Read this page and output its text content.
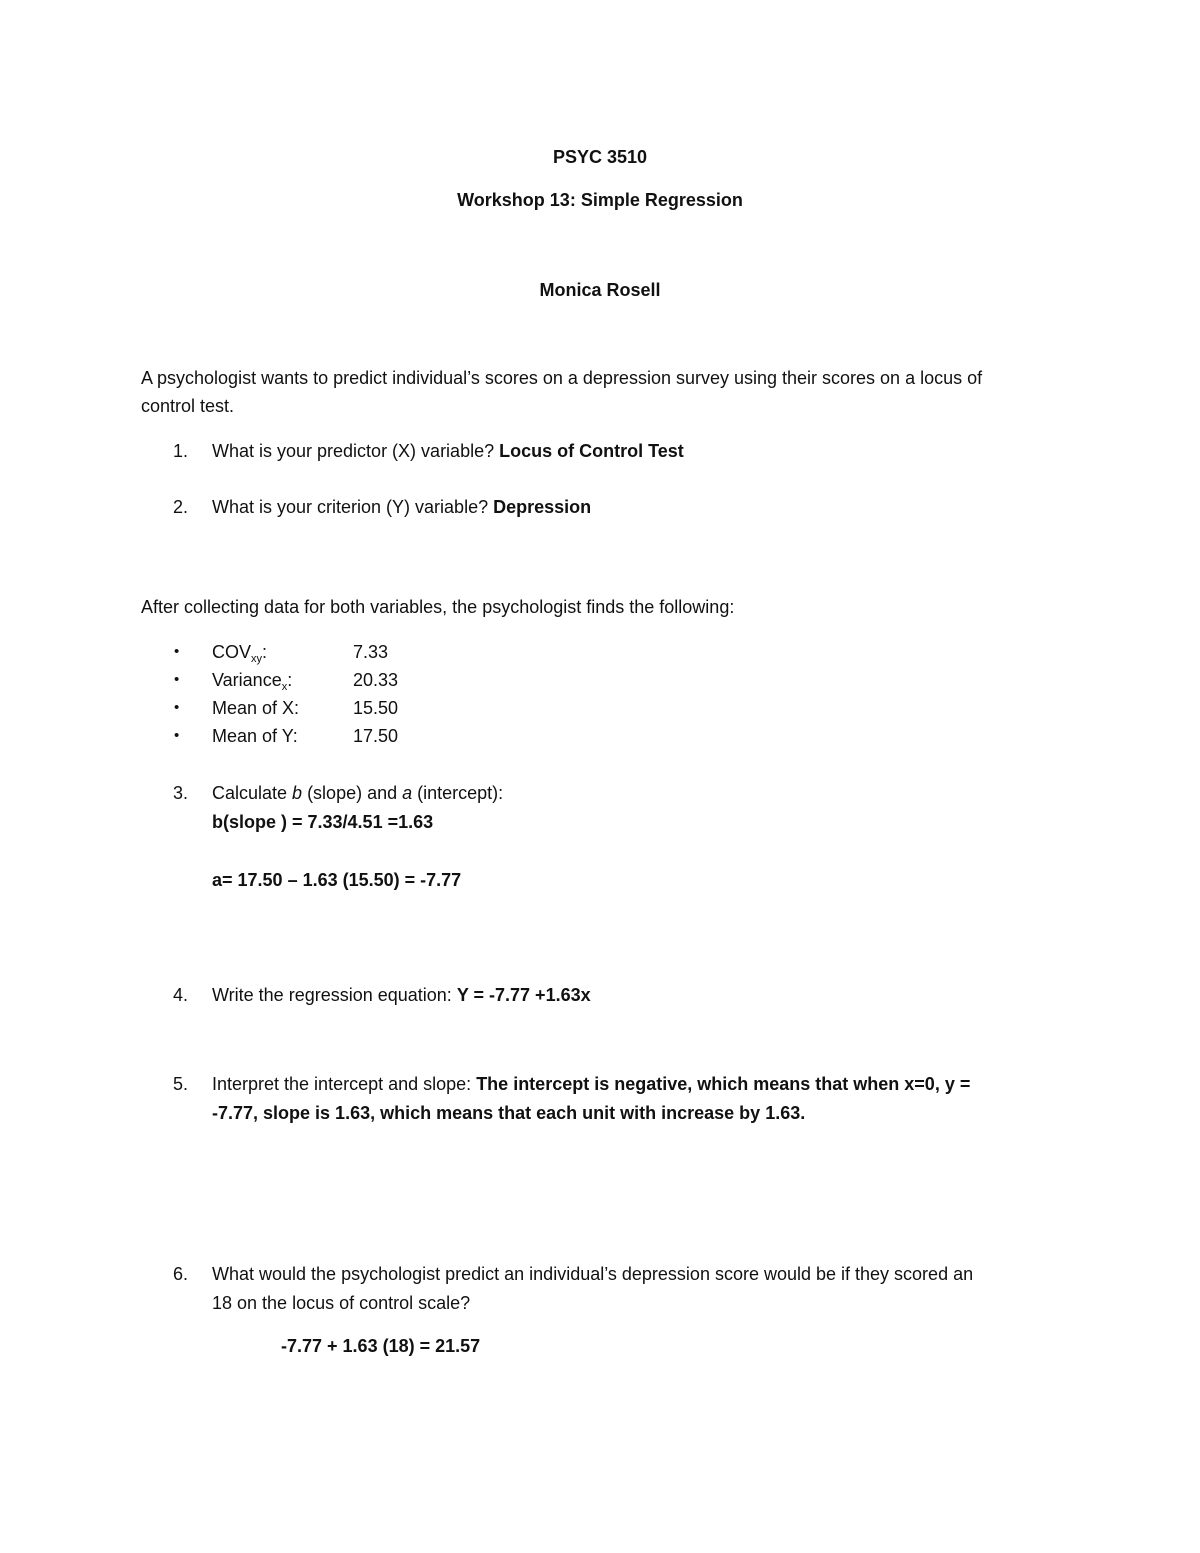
PSYC 3510
Workshop 13: Simple Regression
Monica Rosell
A psychologist wants to predict individual’s scores on a depression survey using their scores on a locus of
control test.
1.	What is your predictor (X) variable? Locus of Control Test
2.	What is your criterion (Y) variable? Depression
After collecting data for both variables, the psychologist finds the following:
• $COV_{xy}$:	7.33
• Variance$_x$:	20.33
• Mean of X:	15.50
• Mean of Y:	17.50
3.	Calculate b (slope) and a (intercept):
b(slope ) = 7.33/4.51 =1.63
a= 17.50 – 1.63 (15.50) = -7.77
4.	Write the regression equation: Y = -7.77 +1.63x
5.	Interpret the intercept and slope: The intercept is negative, which means that when x=0, y =
-7.77, slope is 1.63, which means that each unit with increase by 1.63.
6.	What would the psychologist predict an individual’s depression score would be if they scored an
18 on the locus of control scale?
-7.77 + 1.63 (18) = 21.57
